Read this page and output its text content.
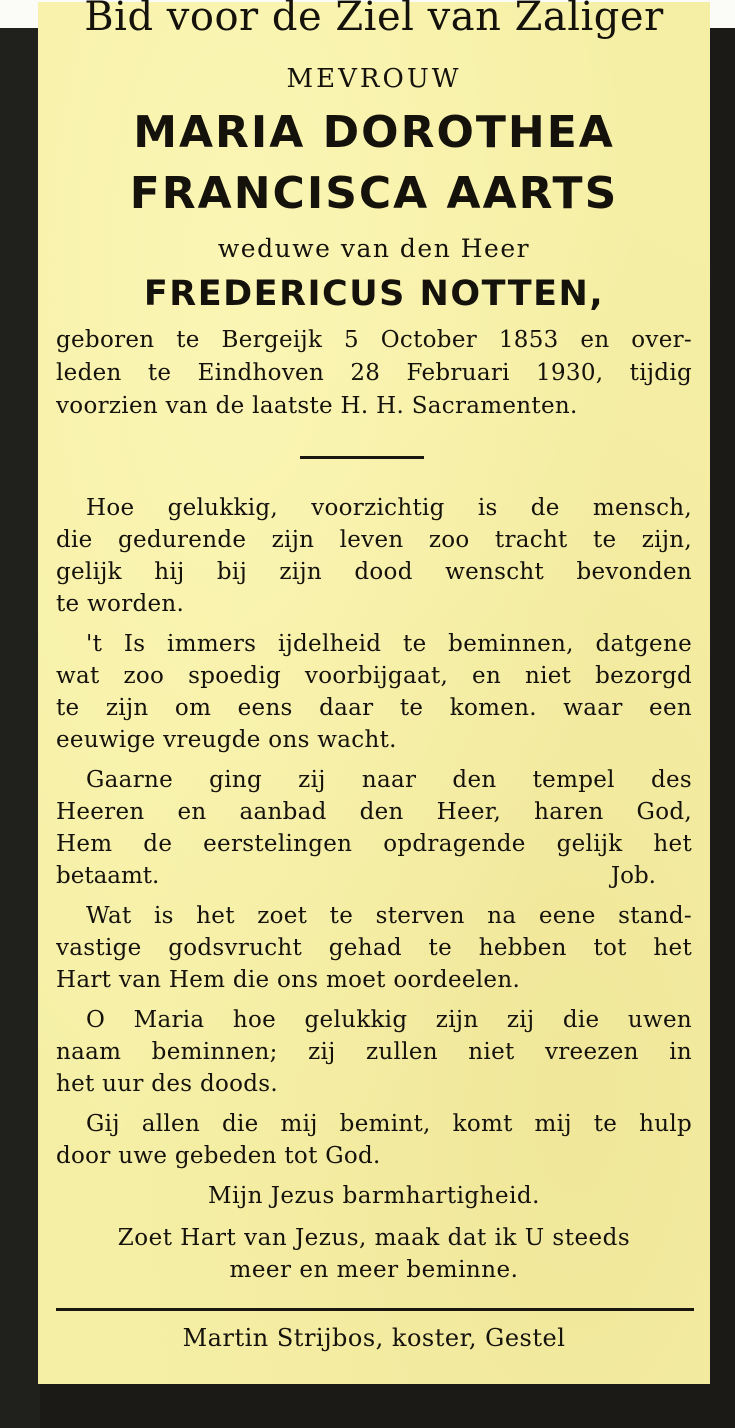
Bid voor de Ziel van Zaliger
MEVROUW
MARIA DOROTHEA
FRANCISCA AARTS
weduwe van den Heer
FREDERICUS NOTTEN,
geboren te Bergeijk 5 October 1853 en over-
leden te Eindhoven 28 Februari 1930, tijdig
voorzien van de laatste H. H. Sacramenten.
Hoe gelukkig, voorzichtig is de mensch,
die gedurende zijn leven zoo tracht te zijn,
gelijk hij bij zijn dood wenscht bevonden
te worden.
't Is immers ijdelheid te beminnen, datgene
wat zoo spoedig voorbijgaat, en niet bezorgd
te zijn om eens daar te komen. waar een
eeuwige vreugde ons wacht.
Gaarne ging zij naar den tempel des
Heeren en aanbad den Heer, haren God,
Hem de eerstelingen opdragende gelijk het
betaamt.	Job.
Wat is het zoet te sterven na eene stand-
vastige godsvrucht gehad te hebben tot het
Hart van Hem die ons moet oordeelen.
O Maria hoe gelukkig zijn zij die uwen
naam beminnen; zij zullen niet vreezen in
het uur des doods.
Gij allen die mij bemint, komt mij te hulp
door uwe gebeden tot God.
Mijn Jezus barmhartigheid.
Zoet Hart van Jezus, maak dat ik U steeds
meer en meer beminne.
Martin Strijbos, koster, Gestel
